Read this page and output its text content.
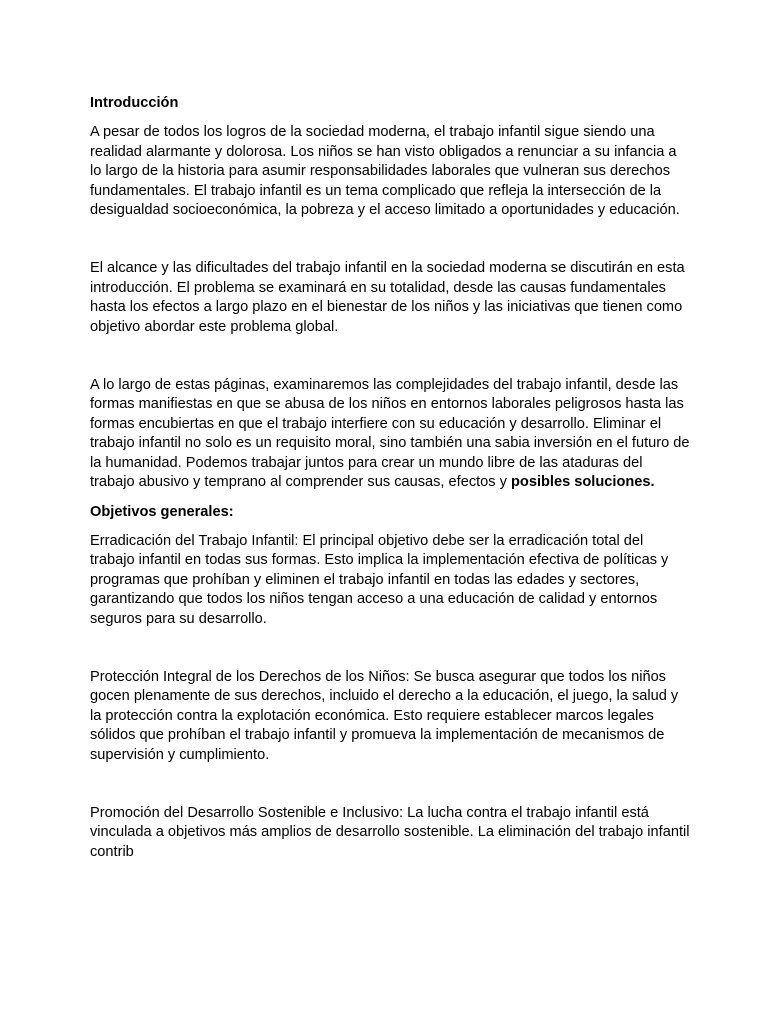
Introducción

A pesar de todos los logros de la sociedad moderna, el trabajo infantil sigue siendo una realidad alarmante y dolorosa. Los niños se han visto obligados a renunciar a su infancia a lo largo de la historia para asumir responsabilidades laborales que vulneran sus derechos fundamentales. El trabajo infantil es un tema complicado que refleja la intersección de la desigualdad socioeconómica, la pobreza y el acceso limitado a oportunidades y educación.

El alcance y las dificultades del trabajo infantil en la sociedad moderna se discutirán en esta introducción. El problema se examinará en su totalidad, desde las causas fundamentales hasta los efectos a largo plazo en el bienestar de los niños y las iniciativas que tienen como objetivo abordar este problema global.

A lo largo de estas páginas, examinaremos las complejidades del trabajo infantil, desde las formas manifiestas en que se abusa de los niños en entornos laborales peligrosos hasta las formas encubiertas en que el trabajo interfiere con su educación y desarrollo. Eliminar el trabajo infantil no solo es un requisito moral, sino también una sabia inversión en el futuro de la humanidad. Podemos trabajar juntos para crear un mundo libre de las ataduras del trabajo abusivo y temprano al comprender sus causas, efectos y posibles soluciones.

Objetivos generales:

Erradicación del Trabajo Infantil: El principal objetivo debe ser la erradicación total del trabajo infantil en todas sus formas. Esto implica la implementación efectiva de políticas y programas que prohíban y eliminen el trabajo infantil en todas las edades y sectores, garantizando que todos los niños tengan acceso a una educación de calidad y entornos seguros para su desarrollo.

Protección Integral de los Derechos de los Niños: Se busca asegurar que todos los niños gocen plenamente de sus derechos, incluido el derecho a la educación, el juego, la salud y la protección contra la explotación económica. Esto requiere establecer marcos legales sólidos que prohíban el trabajo infantil y promueva la implementación de mecanismos de supervisión y cumplimiento.

Promoción del Desarrollo Sostenible e Inclusivo: La lucha contra el trabajo infantil está vinculada a objetivos más amplios de desarrollo sostenible. La eliminación del trabajo infantil contrib
